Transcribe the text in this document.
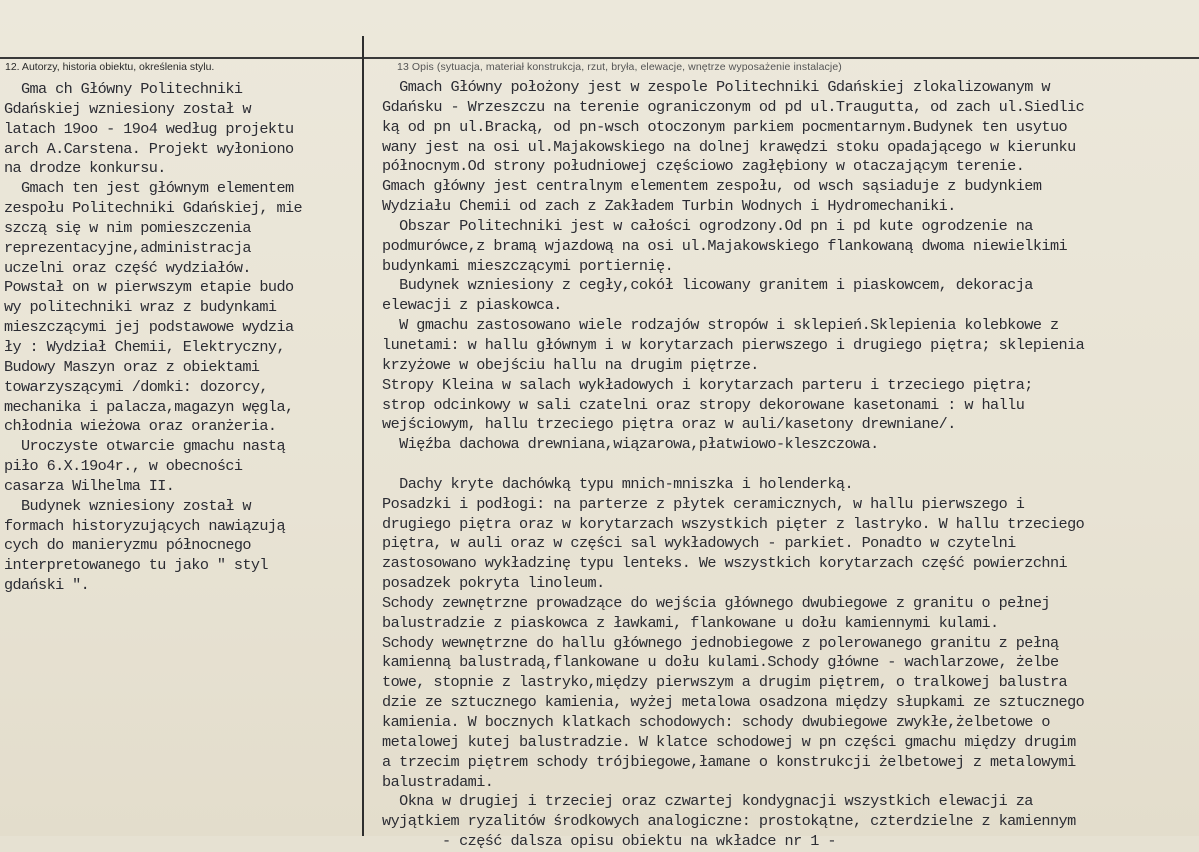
12. Autorzy, historia obiektu, określenia stylu.	13 Opis (sytuacja, materiał konstrukcja, rzut, bryła, elewacje, wnętrze wyposażenie instalacje)
Gma ch Główny Politechniki
Gdańskiej wzniesiony został w
latach 19oo - 19o4 według projektu
arch A.Carstena. Projekt wyłoniono
na drodze konkursu.
Gmach ten jest głównym elementem
zespołu Politechniki Gdańskiej, mie
szczą się w nim pomieszczenia
reprezentacyjne,administracja
uczelni oraz część wydziałów.
Powstał on w pierwszym etapie budo
wy politechniki wraz z budynkami
mieszczącymi jej podstawowe wydzia
ły : Wydział Chemii, Elektryczny,
Budowy Maszyn oraz z obiektami
towarzyszącymi /domki: dozorcy,
mechanika i palacza,magazyn węgla,
chłodnia wieżowa oraz oranżeria.
Uroczyste otwarcie gmachu nastą
piło 6.X.19o4r., w obecności
casarza Wilhelma II.
Budynek wzniesiony został w
formach historyzujących nawiązują
cych do manieryzmu północnego
interpretowanego tu jako " styl
gdański ".
Gmach Główny położony jest w zespole Politechniki Gdańskiej zlokalizowanym w
Gdańsku - Wrzeszczu na terenie ograniczonym od pd ul.Traugutta, od zach ul.Siedlic
ką od pn ul.Bracką, od pn-wsch otoczonym parkiem pocmentarnym.Budynek ten usytuo
wany jest na osi ul.Majakowskiego na dolnej krawędzi stoku opadającego w kierunku
północnym.Od strony południowej częściowo zagłębiony w otaczającym terenie.
Gmach główny jest centralnym elementem zespołu, od wsch sąsiaduje z budynkiem
Wydziału Chemii od zach z Zakładem Turbin Wodnych i Hydromechaniki.
Obszar Politechniki jest w całości ogrodzony.Od pn i pd kute ogrodzenie na
podmurówce,z bramą wjazdową na osi ul.Majakowskiego flankowaną dwoma niewielkimi
budynkami mieszczącymi portiernię.
Budynek wzniesiony z cegły,cokół licowany granitem i piaskowcem, dekoracja
elewacji z piaskowca.
W gmachu zastosowano wiele rodzajów stropów i sklepień.Sklepienia kolebkowe z
lunetami: w hallu głównym i w korytarzach pierwszego i drugiego piętra; sklepienia
krzyżowe w obejściu hallu na drugim piętrze.
Stropy Kleina w salach wykładowych i korytarzach parteru i trzeciego piętra;
strop odcinkowy w sali czatelni oraz stropy dekorowane kasetonami : w hallu
wejściowym, hallu trzeciego piętra oraz w auli/kasetony drewniane/.
Więźba dachowa drewniana,wiązarowa,płatwiowo-kleszczowa.
Dachy kryte dachówką typu mnich-mniszka i holenderką.
Posadzki i podłogi: na parterze z płytek ceramicznych, w hallu pierwszego i
drugiego piętra oraz w korytarzach wszystkich pięter z lastryko. W hallu trzeciego
piętra, w auli oraz w części sal wykładowych - parkiet. Ponadto w czytelni
zastosowano wykładzinę typu lenteks. We wszystkich korytarzach część powierzchni
posadzek pokryta linoleum.
Schody zewnętrzne prowadzące do wejścia głównego dwubiegowe z granitu o pełnej
balustradzie z piaskowca z ławkami, flankowane u dołu kamiennymi kulami.
Schody wewnętrzne do hallu głównego jednobiegowe z polerowanego granitu z pełną
kamienną balustradą,flankowane u dołu kulami.Schody główne - wachlarzowe, żelbe
towe, stopnie z lastryko,między pierwszym a drugim piętrem, o tralkowej balustra
dzie ze sztucznego kamienia, wyżej metalowa osadzona między słupkami ze sztucznego
kamienia. W bocznych klatkach schodowych: schody dwubiegowe zwykłe,żelbetowe o
metalowej kutej balustradzie. W klatce schodowej w pn części gmachu między drugim
a trzecim piętrem schody trójbiegowe,łamane o konstrukcji żelbetowej z metalowymi
balustradami.
Okna w drugiej i trzeciej oraz czwartej kondygnacji wszystkich elewacji za
wyjątkiem ryzalitów środkowych analogiczne: prostokątne, czterdzielne z kamiennym
- część dalsza opisu obiektu na wkładce nr 1 -
